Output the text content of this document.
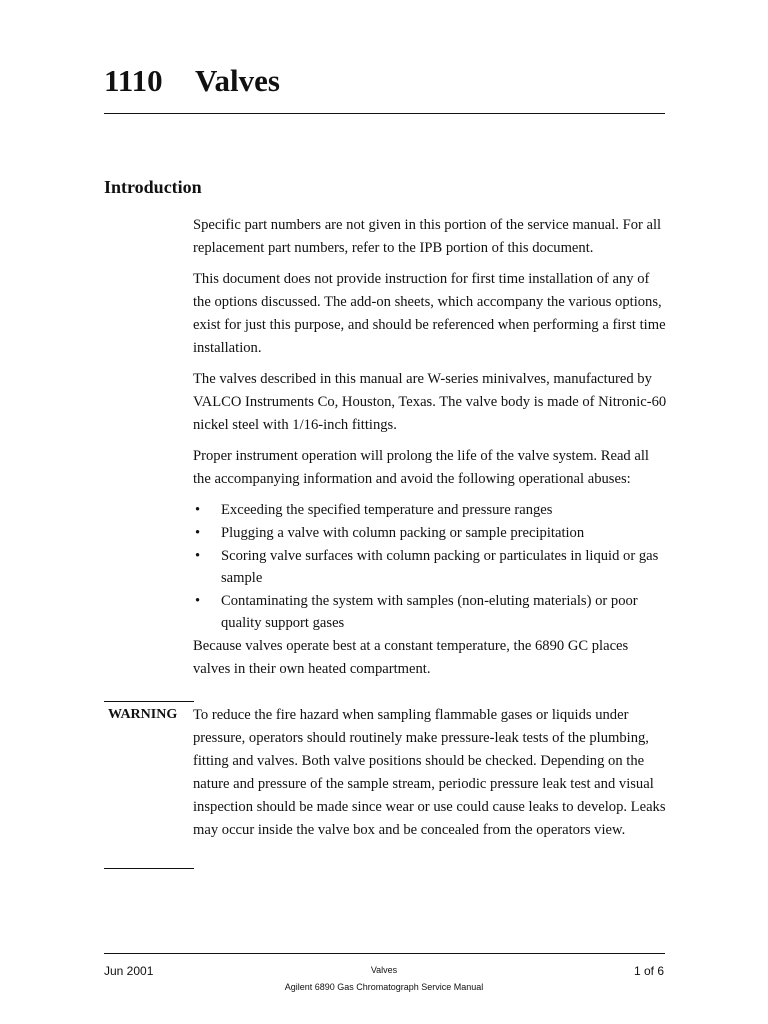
1110 Valves
Introduction

Specific part numbers are not given in this portion of the service manual. For all replacement part numbers, refer to the IPB portion of this document.

This document does not provide instruction for first time installation of any of the options discussed. The add-on sheets, which accompany the various options, exist for just this purpose, and should be referenced when performing a first time installation.

The valves described in this manual are W-series minivalves, manufactured by VALCO Instruments Co, Houston, Texas. The valve body is made of Nitronic-60 nickel steel with 1/16-inch fittings.

Proper instrument operation will prolong the life of the valve system. Read all the accompanying information and avoid the following operational abuses:

• Exceeding the specified temperature and pressure ranges
• Plugging a valve with column packing or sample precipitation
• Scoring valve surfaces with column packing or particulates in liquid or gas sample
• Contaminating the system with samples (non-eluting materials) or poor quality support gases

Because valves operate best at a constant temperature, the 6890 GC places valves in their own heated compartment.

WARNING To reduce the fire hazard when sampling flammable gases or liquids under pressure, operators should routinely make pressure-leak tests of the plumbing, fitting and valves. Both valve positions should be checked. Depending on the nature and pressure of the sample stream, periodic pressure leak test and visual inspection should be made since wear or use could cause leaks to develop. Leaks may occur inside the valve box and be concealed from the operators view.

Jun 2001	Valves
Agilent 6890 Gas Chromatograph Service Manual
1 of 6
